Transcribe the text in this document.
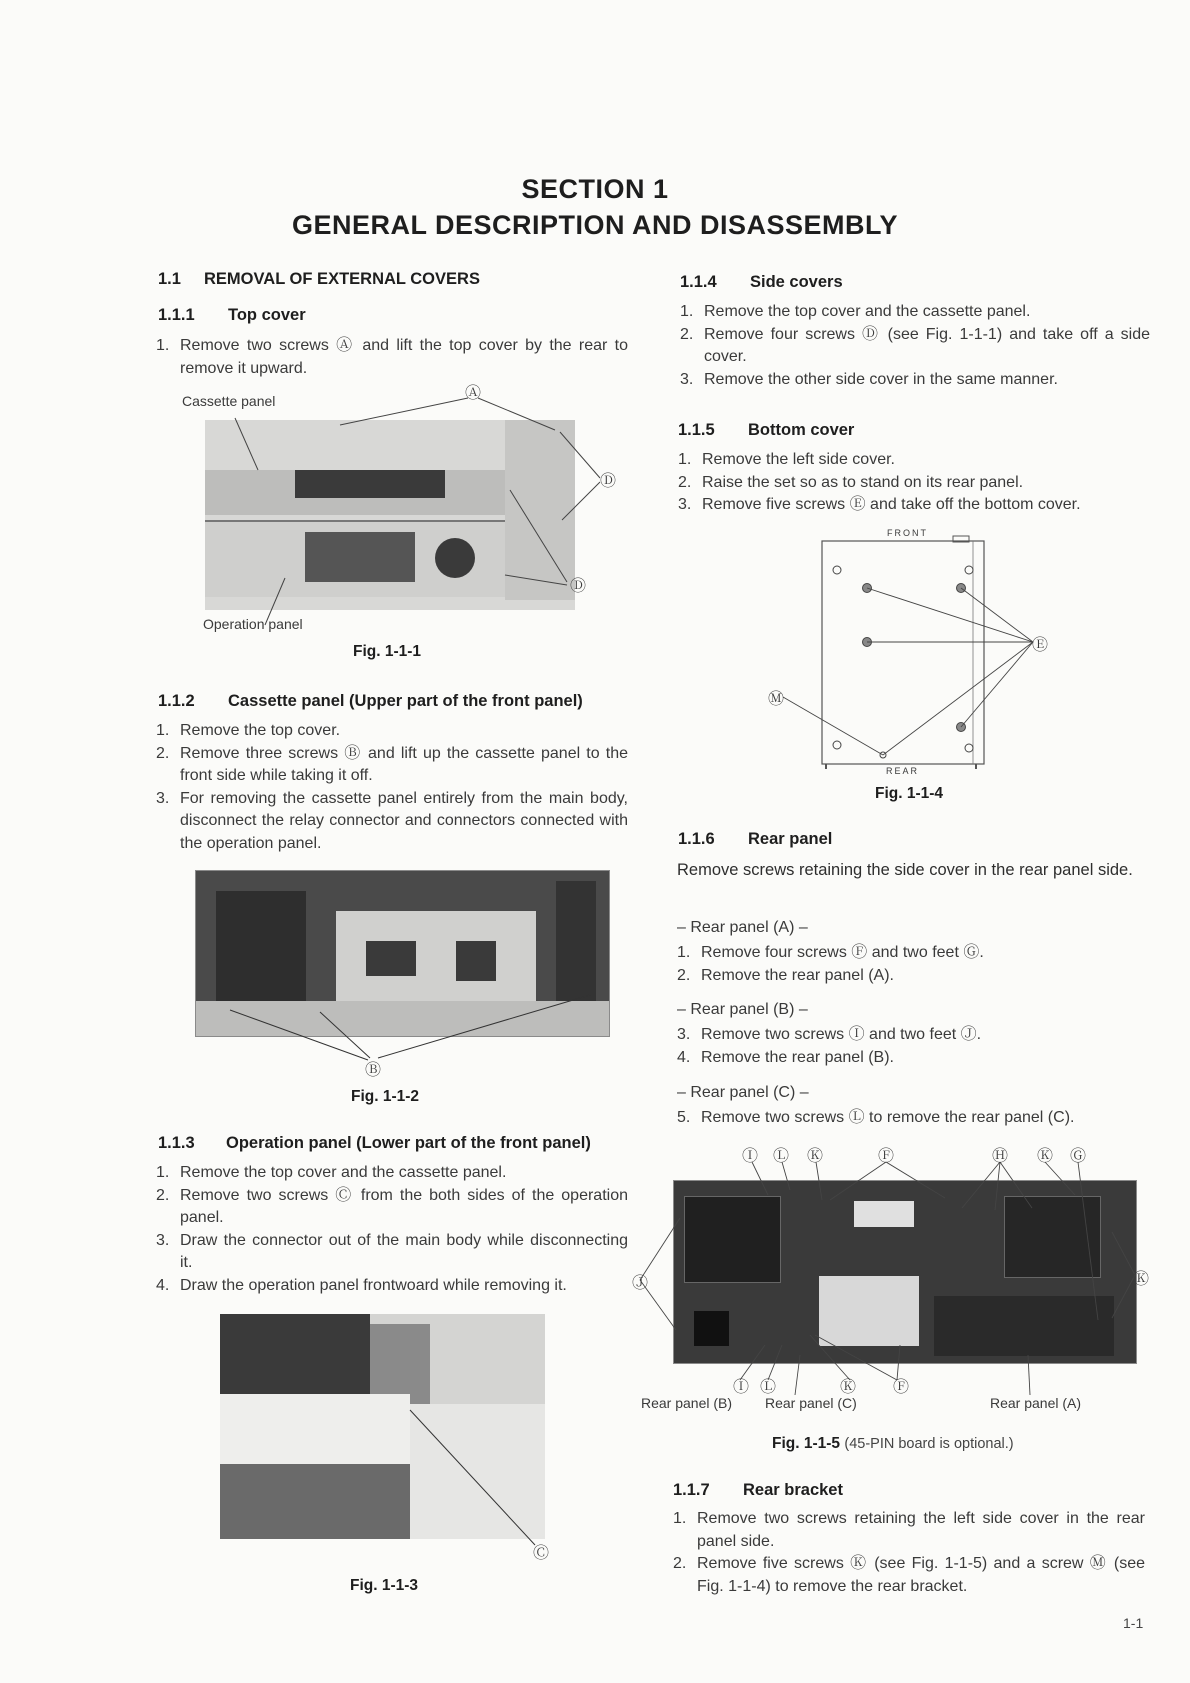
SECTION 1
GENERAL DESCRIPTION AND DISASSEMBLY
1.1 REMOVAL OF EXTERNAL COVERS
1.1.1 Top cover
1. Remove two screws Ⓐ and lift the top cover by the rear to remove it upward.
Cassette panel	Ⓐ
Ⓓ
Ⓓ
Operation panel
Fig. 1-1-1
1.1.2 Cassette panel (Upper part of the front panel)
1. Remove the top cover.
2. Remove three screws Ⓑ and lift up the cassette panel to the front side while taking it off.
3. For removing the cassette panel entirely from the main body, disconnect the relay connector and connectors connected with the operation panel.
Ⓑ
Fig. 1-1-2
1.1.3 Operation panel (Lower part of the front panel)
1. Remove the top cover and the cassette panel.
2. Remove two screws Ⓒ from the both sides of the operation panel.
3. Draw the connector out of the main body while disconnecting it.
4. Draw the operation panel frontwoard while removing it.
Ⓒ
Fig. 1-1-3
1.1.4 Side covers
1. Remove the top cover and the cassette panel.
2. Remove four screws Ⓓ (see Fig. 1-1-1) and take off a side cover.
3. Remove the other side cover in the same manner.
1.1.5 Bottom cover
1. Remove the left side cover.
2. Raise the set so as to stand on its rear panel.
3. Remove five screws Ⓔ and take off the bottom cover.
FRONT
REAR
Ⓔ
Ⓜ
Fig. 1-1-4
1.1.6 Rear panel
Remove screws retaining the side cover in the rear panel side.
– Rear panel (A) –
1. Remove four screws Ⓕ and two feet Ⓖ.
2. Remove the rear panel (A).
– Rear panel (B) –
3. Remove two screws Ⓘ and two feet Ⓙ.
4. Remove the rear panel (B).
– Rear panel (C) –
5. Remove two screws Ⓛ to remove the rear panel (C).
Ⓘ Ⓛ Ⓚ	Ⓕ	Ⓗ Ⓚ Ⓖ
Ⓙ	Ⓚ
Ⓘ Ⓛ	Ⓚ Ⓕ
Rear panel (B) Rear panel (C)	Rear panel (A)
Fig. 1-1-5 (45-PIN board is optional.)
1.1.7 Rear bracket
1. Remove two screws retaining the left side cover in the rear panel side.
2. Remove five screws Ⓚ (see Fig. 1-1-5) and a screw Ⓜ (see Fig. 1-1-4) to remove the rear bracket.
1-1
